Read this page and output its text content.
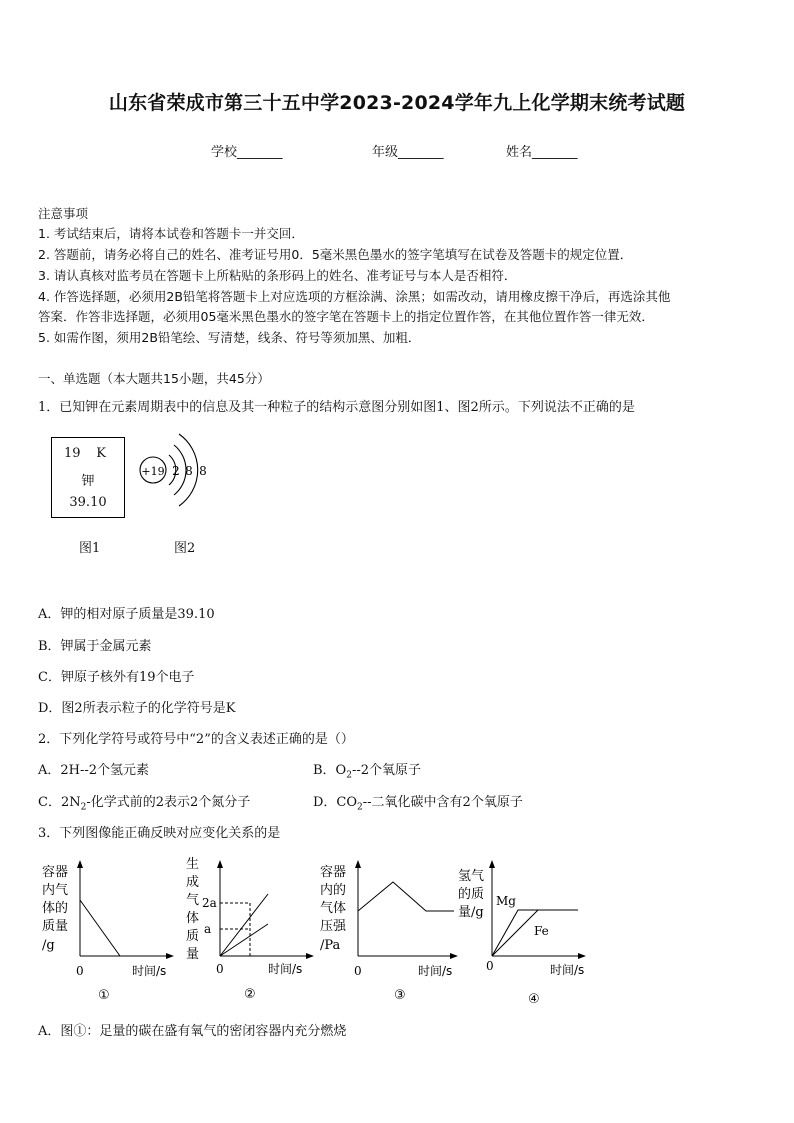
山东省荣成市第三十五中学2023-2024学年九上化学期末统考试题
学校_______	年级_______	姓名_______
注意事项
1. 考试结束后，请将本试卷和答题卡一并交回．
2. 答题前，请务必将自己的姓名、准考证号用0．5毫米黑色墨水的签字笔填写在试卷及答题卡的规定位置．
3. 请认真核对监考员在答题卡上所粘贴的条形码上的姓名、准考证号与本人是否相符．
4. 作答选择题，必须用2B铅笔将答题卡上对应选项的方框涂满、涂黑；如需改动，请用橡皮擦干净后，再选涂其他
答案．作答非选择题，必须用05毫米黑色墨水的签字笔在答题卡上的指定位置作答，在其他位置作答一律无效．
5. 如需作图，须用2B铅笔绘、写清楚，线条、符号等须加黑、加粗．
一、单选题（本大题共15小题，共45分）
1．已知钾在元素周期表中的信息及其一种粒子的结构示意图分别如图1、图2所示。下列说法不正确的是
19	K
钾
39.10
+19 2 8 8
图1	图2
A．钾的相对原子质量是39.10
B．钾属于金属元素
C．钾原子核外有19个电子
D．图2所表示粒子的化学符号是K
2．下列化学符号或符号中“2”的含义表述正确的是（）
A．2H--2个氢元素	B．$O_2--2$个氧原子
C．$2N_2-$化学式前的2表示2个氮分子	D．$CO_2--$二氧化碳中含有2个氧原子
3．下列图像能正确反映对应变化关系的是
容器
内气
体的
质量
/g
0	时间/s
①
生
成
气
体
质
量
2a
a
0	时间/s
②
容器
内的
气体
压强
/Pa
0	时间/s
③
氢气
的质
量/g
Mg
Fe
0	时间/s
④
A．图①：足量的碳在盛有氧气的密闭容器内充分燃烧
